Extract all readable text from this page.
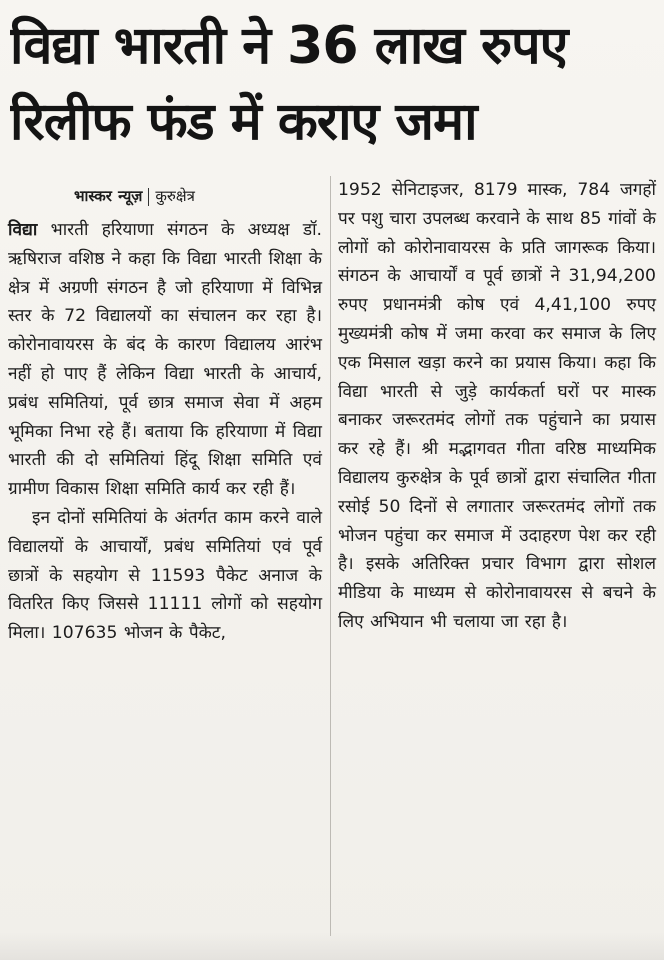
विद्या भारती ने 36 लाख रुपए
रिलीफ फंड में कराए जमा
भास्कर न्यूज़ कुरुक्षेत्र

विद्या भारती हरियाणा संगठन के अध्यक्ष डॉ. ऋषिराज वशिष्ठ ने कहा कि विद्या भारती शिक्षा के क्षेत्र में अग्रणी संगठन है जो हरियाणा में विभिन्न स्तर के 72 विद्यालयों का संचालन कर रहा है। कोरोनावायरस के बंद के कारण विद्यालय आरंभ नहीं हो पाए हैं लेकिन विद्या भारती के आचार्य, प्रबंध समितियां, पूर्व छात्र समाज सेवा में अहम भूमिका निभा रहे हैं। बताया कि हरियाणा में विद्या भारती की दो समितियां हिंदू शिक्षा समिति एवं ग्रामीण विकास शिक्षा समिति कार्य कर रही हैं।

इन दोनों समितियां के अंतर्गत काम करने वाले विद्यालयों के आचार्यों, प्रबंध समितियां एवं पूर्व छात्रों के सहयोग से 11593 पैकेट अनाज के वितरित किए जिससे 11111 लोगों को सहयोग मिला। 107635 भोजन के पैकेट,

1952 सेनिटाइजर, 8179 मास्क, 784 जगहों पर पशु चारा उपलब्ध करवाने के साथ 85 गांवों के लोगों को कोरोनावायरस के प्रति जागरूक किया। संगठन के आचार्यों व पूर्व छात्रों ने 31,94,200 रुपए प्रधानमंत्री कोष एवं 4,41,100 रुपए मुख्यमंत्री कोष में जमा करवा कर समाज के लिए एक मिसाल खड़ा करने का प्रयास किया। कहा कि विद्या भारती से जुड़े कार्यकर्ता घरों पर मास्क बनाकर जरूरतमंद लोगों तक पहुंचाने का प्रयास कर रहे हैं। श्री मद्भागवत गीता वरिष्ठ माध्यमिक विद्यालय कुरुक्षेत्र के पूर्व छात्रों द्वारा संचालित गीता रसोई 50 दिनों से लगातार जरूरतमंद लोगों तक भोजन पहुंचा कर समाज में उदाहरण पेश कर रही है। इसके अतिरिक्त प्रचार विभाग द्वारा सोशल मीडिया के माध्यम से कोरोनावायरस से बचने के लिए अभियान भी चलाया जा रहा है।
